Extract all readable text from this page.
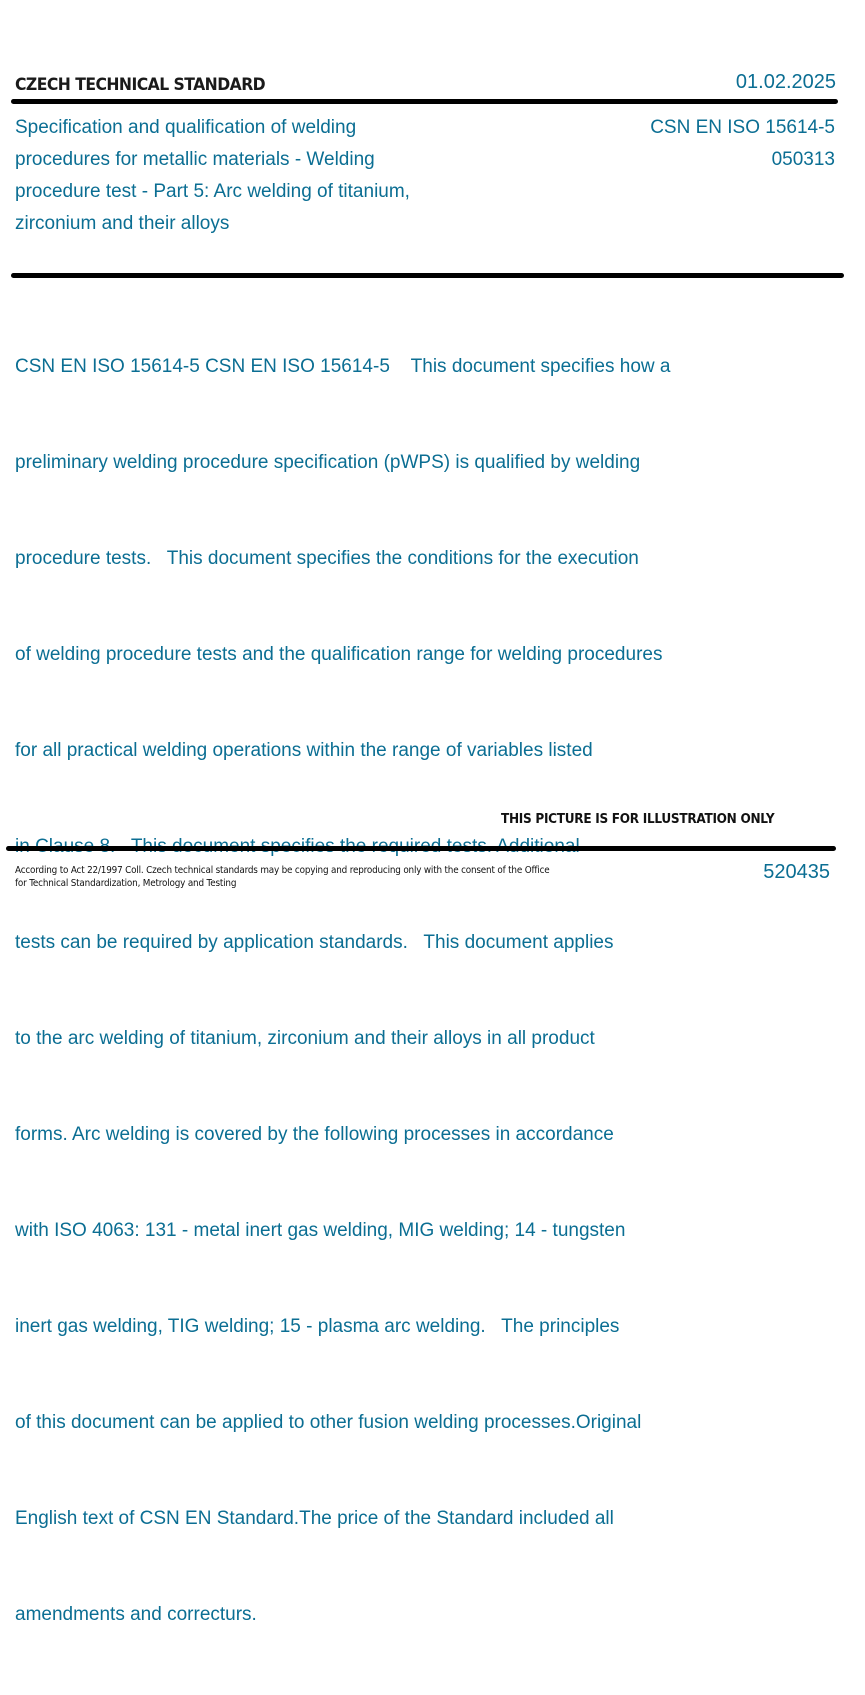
CZECH TECHNICAL STANDARD	01.02.2025
Specification and qualification of welding
procedures for metallic materials - Welding
procedure test - Part 5: Arc welding of titanium,
zirconium and their alloys
CSN EN ISO 15614-5
050313

CSN EN ISO 15614-5 CSN EN ISO 15614-5    This document specifies how a

preliminary welding procedure specification (pWPS) is qualified by welding

procedure tests.   This document specifies the conditions for the execution

of welding procedure tests and the qualification range for welding procedures

for all practical welding operations within the range of variables listed

tests can be required by application standards.   This document applies

to the arc welding of titanium, zirconium and their alloys in all product

forms. Arc welding is covered by the following processes in accordance

with ISO 4063: 131 - metal inert gas welding, MIG welding; 14 - tungsten

inert gas welding, TIG welding; 15 - plasma arc welding.   The principles

of this document can be applied to other fusion welding processes.Original

English text of CSN EN Standard.The price of the Standard included all

amendments and correcturs.

THIS PICTURE IS FOR ILLUSTRATION ONLY
According to Act 22/1997 Coll. Czech technical standards may be copying and reproducing only with the consent of the Office
for Technical Standardization, Metrology and Testing
520435
